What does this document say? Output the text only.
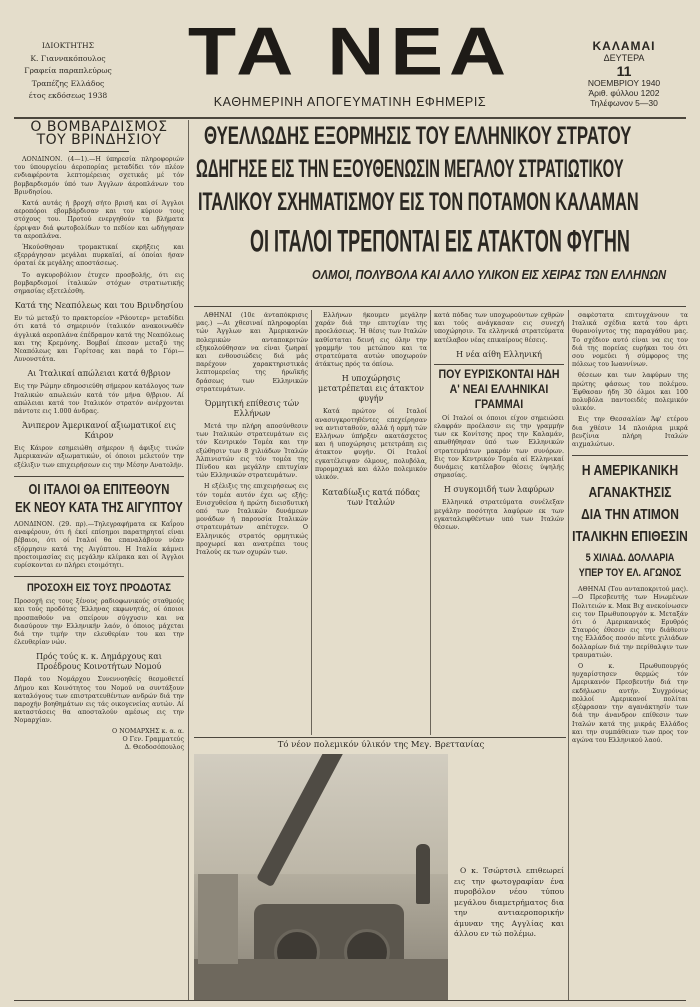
ΙΔΙΟΚΤΗΤΗΣ
Κ. Γιαννακόπουλος
Γραφεία παραπλεύρως
Τραπέζης Ελλάδος
έτος εκδόσεως 1938
ΤΑ ΝΕΑ
ΚΑΘΗΜΕΡΙΝΗ ΑΠΟΓΕΥΜΑΤΙΝΗ ΕΦΗΜΕΡΙΣ
ΚΑΛΑΜΑΙ
ΔΕΥΤΕΡΑ
11
ΝΟΕΜΒΡΙΟΥ 1940
Άριθ. φύλλου 1202
Τηλέφωνον 5—30
Ο ΒΟΜΒΑΡΔΙΣΜΟΣ
ΤΟΥ ΒΡΙΝΔΗΣΙΟΥ

ΛΟΝΔΙΝΟΝ. (4—1).—Η ύπηρεσία πληροφοριών του ύπουργείου άεροπορίας μεταδίδει τόν πλέον ενδιαφέροντα λεπτομέρειας σχετικάς μέ τόν βομβαρδισμόν ύπό των Άγγλων άεροπλάνων του Βρινδησίου.

Κατά αυτάς ή βροχή σήτο βρισή και σί Άγγλοι αεροπόροι εβομβάρδισαν και τον κύριον τους στόχους του. Προτού ενεργηθούν τα βλήματα έρριψαν διά φωτοβολίδων το πεδίον και ωδήγησαν τα αεροπλάνα.

Ήκούσθησαν τρομακτικαί εκρήξεις και εξερράγησαν μεγάλαι πυρκαϊαί, αί όποίαι ήσαν όραταί έκ μεγάλης αποστάσεως.

Το αγκυροβόλιον έτυχεν προσβολής, ότι εις βομβαρδισμοί ίταλικών στόχων στρατιωτικής σημασίας εξετελέσθη.

Κατά της Νεαπόλεως και του Βρινδησίου
Εν τώ μεταξύ το πρακτορείον «Ράουτερ» μεταδίδει ότι κατά τό σημερινόν ίταλικόν ανακοινωθέν άγγλικά αεροπλάνα έπέδραμον κατά της Νεαπόλεως και της Κρεμόνης. Βομβαί έπεσαν μεταξύ της Νεαπόλεως και Γορίτσας και παρά το Γόρι—Λυνονστάτα.
Αι Ίταλικαί απώλειαι κατά θ/βριον
Εις την Ρώμην εδημοσιεύθη σήμερον κατάλογος των Ιταλικών απωλειών κατά τόν μήνα θ/βριον. Αί απώλειαι κατά τον Ιταλικόν στρατόν ανέρχονται πάντοτε εις 1.000 άνδρας.
Άνιπερον Άμερικανοί αξιωματικοί εις Κάιρον
Εις Κάιρον εσημειώθη σήμερον ή άφιξις τινών Άμερικανών αξιωματικών, οί όποιοι μελετούν την εξέλιξιν των επιχειρήσεων εις την Μέσην Ανατολήν.
ΟΙ ΙΤΑΛΟΙ ΘΑ ΕΠΙΤΕΘΟΥΝ
ΕΚ ΝΕΟΥ ΚΑΤΑ ΤΗΣ ΑΙΓΥΠΤΟΥ
ΛΟΝΔΙΝΟΝ. (29. πρ).—Τηλεγραφήματα εκ Καΐρου αναφέρουν, ότι ή έκεί επίσημοι παρατηρηταί είναι βέβαιοι, ότι οί Ιταλοί θα επαναλάβουν νέαν εξόρμησιν κατά της Αιγύπτου. Η Ιταλία κάμνει προετοιμασίας εις μεγάλην κλίμακα και οί Άγγλοι ευρίσκονται εν πλήρει ετοιμότητι.
ΠΡΟΣΟΧΗ ΕΙΣ ΤΟΥΣ ΠΡΟΔΟΤΑΣ
Προσοχή εις τους ξένους ραδιοφωνικούς σταθμούς και τούς προδότας Έλληνας εκφωνητάς, οί όποιοι προσπαθούν να σπείρουν σύγχυσιν και να διασύρουν την Ελληνικήν λαόν, ό όποιος μάχεται διά την τιμήν την ελευθερίαν του και την έλευθερίαν νών.
Πρός τούς κ. κ. Δημάρχους και Προέδρους Κοινοτήτων Νομού
Παρά του Νομάρχου Συνεννοηθείς θεσμοθετεί Δήμου και Κοινότητος του Νομού να συντάξουν καταλόγους των επιστρατευθέντων ανδρών διά την παροχήν βοηθημάτων εις τάς οικογενείας αυτών. Αί καταστάσεις θα αποσταλούν αμέσως εις την Νομαρχίαν.
Ο ΝΟΜΑΡΧΗΣ κ. α. α.
Ο Γεν. Γραμματεύς
Δ. Θεοδοσόπουλος
ΘΥΕΛΛΩΔΗΣ ΕΞΟΡΜΗΣΙΣ ΤΟΥ ΕΛΛΗΝΙΚΟΥ ΣΤΡΑΤΟΥ
ΩΔΗΓΗΣΕ ΕΙΣ ΤΗΝ ΕΞΟΥΘΕΝΩΣΙΝ ΜΕΓΑΛΟΥ ΣΤΡΑΤΙΩΤΙΚΟΥ
ΙΤΑΛΙΚΟΥ ΣΧΗΜΑΤΙΣΜΟΥ ΕΙΣ ΤΟΝ ΠΟΤΑΜΟΝ ΚΑΛΑΜΑΝ
ΟΙ ΙΤΑΛΟΙ ΤΡΕΠΟΝΤΑΙ ΕΙΣ ΑΤΑΚΤΟΝ ΦΥΓΗΝ
ΟΛΜΟΙ, ΠΟΛΥΒΟΛΑ ΚΑΙ ΑΛΛΟ ΥΛΙΚΟΝ ΕΙΣ ΧΕΙΡΑΣ ΤΩΝ ΕΛΛΗΝΩΝ
ΑΘΗΝΑΙ (10ε άνταπόκρισις μας.) —Αι χθεσιναί πληροφορίαι τών Άγγλων και Άμερικανών πολεμικών ανταποκριτών εξηκολούθησαν να είναι ζωηραί και ενθουσιώδεις διά μάς παρέχουν χαρακτηριστικάς λεπτομερείας της ήρωϊκής δράσεως των Ελληνικών στρατευμάτων.
Όρμητική επίθεσις τών Ελλήνων

Μετά την πλήρη αποσύνθεσιν των Ιταλικών στρατευμάτων εις τόν Κεντρικόν Τομέα και την εξώθησιν των 8 χιλιάδων Ίταλών Άλπινιστών εις τόν τομέα της Πίνδου και μεγάλην επιτυχίαν τών Ελληνικών στρατευμάτων.

Η εξέλιξις της επιχειρήσεως εις τόν τομέα αυτόν έχει ως εξής: Ενισχυθείσα ή πρώτη διεισδυτική οπό των Ιταλικών δυνάμεων μονάδων ή παρουσία Ιταλικών στρατευμάτων απέτυχεν. Ο Ελληνικός στρατός ορμητικώς προχωρεί και ανατρέπει τους Ιταλούς εκ των οχυρών των.

Ελλήνων ήκουμεν μεγάλην χαράν διά την επιτυχίαν της προελάσεως. Ή θέσις των Ιταλών καθίσταται δεινή εις όλην την γραμμήν του μετώπου και τα στρατεύματα αυτών υποχωρούν άτάκτως πρός τα όπίσω.
Η υποχώρησις μετατρέπεται εις άτακτον φυγήν
Κατά πρώτον οί Ιταλοί ανασυγκροτηθέντες επεχείρησαν να αντισταθούν, αλλά ή ορμή τών Ελλήνων ύπήρξεν ακατάσχετος και ή υποχώρησις μετετράπη εις άτακτον φυγήν. Οί Ιταλοί εγκατέλειψαν όλμους, πολυβόλα, πυρομαχικά και άλλο πολεμικόν υλικόν.
Καταδίωξις κατά πόδας των Ιταλών
κατά πόδας των υποχωρούντων εχθρών και τούς ανάγκασαν εις συνεχή υποχώρησιν. Τα ελληνικά στρατεύματα κατέλαβον νέας επικαίρους θέσεις.
Η νέα αίθη Ελληνική
ΠΟΥ ΕΥΡΙΣΚΟΝΤΑΙ ΗΔΗ
Α' ΝΕΑΙ ΕΛΛΗΝΙΚΑΙ ΓΡΑΜΜΑΙ
Οί Ιταλοί οι όποιοι είχον σημειώσει ελαφράν προέλασιν εις την γραμμήν των εκ Κονίτσης προς την Καλαμάν, απωθήθησαν ύπό των Ελληνικών στρατευμάτων μακράν των συνόρων. Εις τον Κεντρικόν Τομέα αί Ελληνικαί δυνάμεις κατέλαβον θέσεις ύψηλής σημασίας.
Η συγκομιδή των λαφύρων
Ελληνικά στρατεύματα συνέλεξαν μεγάλην ποσότητα λαφύρων εκ των εγκαταλειφθέντων υπό των Ιταλών θέσεων.
σαφέστατα επιτυγχάνουν τα Ιταλικά σχέδια κατά του άρτι θυρανοίγντος της παραγάθου μας. Το σχέδιον αυτό είναι να εις τον διά της πορείας ευρήκαι του ότι σου νομεύει ή σύμφορος της πόλεως του Ιωαννίνων.
θέσεων και των λαφύρων της πρώτης φάσεως του πολέμου. Έφθασαν ήδη 30 όλμοι και 100 πολυβόλα παντοειδές πολεμικόν υλικόν.
Εις την Θεσσαλίαν Άφ' ετέρου δια χθέσιν 14 πλοιάρια μικρά βενζίνια πλήρη Ιταλών αιχμαλώτων.
Η ΑΜΕΡΙΚΑΝΙΚΗ
ΑΓΑΝΑΚΤΗΣΙΣ
ΔΙΑ ΤΗΝ ΑΤΙΜΟΝ
ΙΤΑΛΙΚΗΝ ΕΠΙΘΕΣΙΝ
5 ΧΙΛΙΑΔ. ΔΟΛΛΑΡΙΑ
ΥΠΕΡ ΤΟΥ ΕΛ. ΑΓΩΝΟΣ
ΑΘΗΝΑΙ (Του ανταποκριτού μας).—Ο Πρεσβευτής των Ηνωμένων Πολιτειών κ. Μακ Βιχ ανεκοίνωσεν εις τον Πρωθυπουργόν κ. Μεταξάν ότι ό Αμερικανικός Ερυθρός Σταυρός έθεσεν εις την διάθεσιν της Ελλάδος ποσόν πέντε χιλιάδων δολλαρίων διά την περίθαλψιν των τραυματιών.
Ο κ. Πρωθυπουργός ηυχαρίστησεν θερμώς τόν Αμερικανόν Πρεσβευτήν διά την εκδήλωσιν αυτήν. Συγχρόνως πολλοί Αμερικανοί πολίται εξέφρασαν την αγανάκτησίν των διά την άνανδρον επίθεσιν των Ιταλών κατά της μικράς Ελλάδος και την συμπάθειαν των προς τον αγώνα του Ελληνικού λαού.
Τό νέον πολεμικόν ύλικόν της Μεγ. Βρεττανίας
Ο κ. Τσώρτσιλ επιθεωρεί εις την φωτογραφίαν ένα πυροβόλον νέου τύπου μεγάλου διαμετρήματος δια την αντιαεροπορικήν άμυναν της Αγγλίας και άλλου εν τώ πολέμω.
